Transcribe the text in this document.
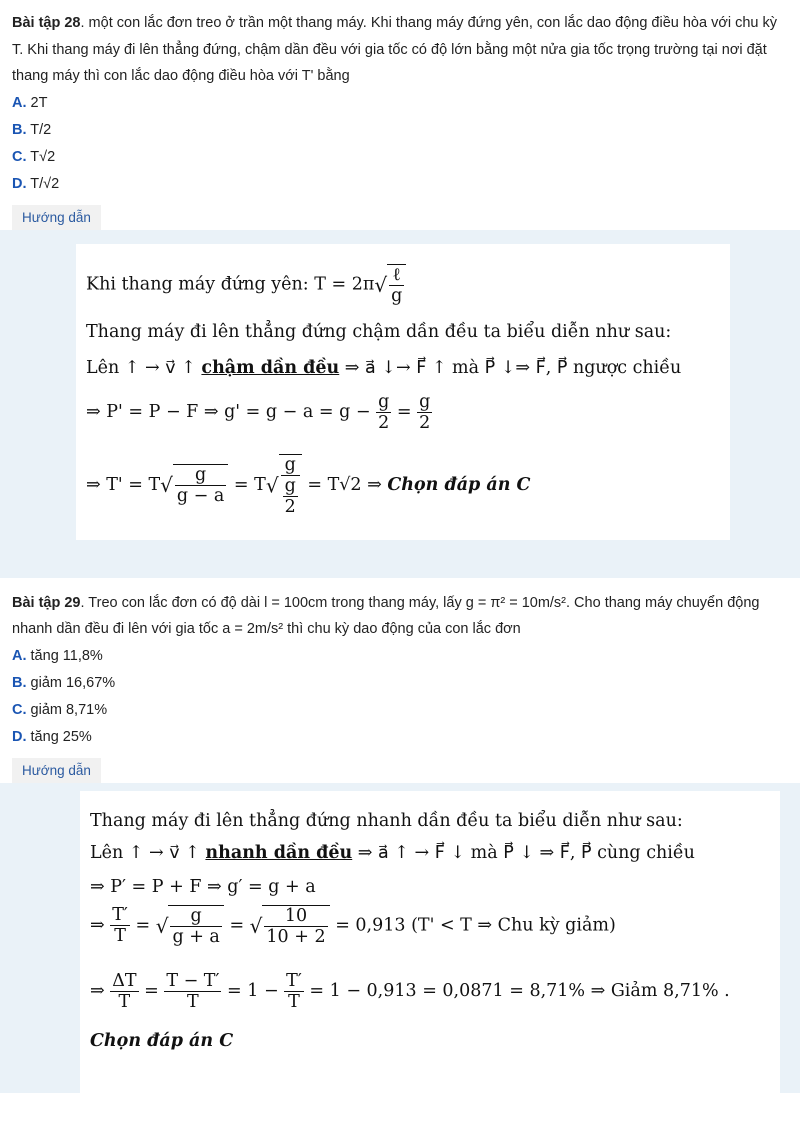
Bài tập 28. một con lắc đơn treo ở trần một thang máy. Khi thang máy đứng yên, con lắc dao động điều hòa với chu kỳ T. Khi thang máy đi lên thẳng đứng, chậm dần đều với gia tốc có độ lớn bằng một nửa gia tốc trọng trường tại nơi đặt thang máy thì con lắc dao động điều hòa với T' bằng

A. 2T
B. T/2
C. T√2
D. T/√2
Hướng dẫn
Khi thang máy đứng yên: $T = 2\pi√ \frac{\text{ℓ}}{g}$
Thang máy đi lên thẳng đứng chậm dần đều ta biểu diễn như sau:
Lên ↑ → v⃗ ↑ chậm dần đều ⇒ a⃗ ↓→ F⃗ ↑ mà P⃗ ↓⇒ F⃗, P⃗ ngược chiều
⇒ P' = P − F ⇒ $g' = g - a = g - \frac{g}{2} = \frac{g}{2}$
⇒ $T' = T√ \frac{g}{g - a} = T√ \frac{g}{\frac{g}{2}} = T√2$ ⇒ Chọn đáp án C

Bài tập 29. Treo con lắc đơn có độ dài l = 100cm trong thang máy, lấy g = π² = 10m/s². Cho thang máy chuyển động nhanh dần đều đi lên với gia tốc a = 2m/s² thì chu kỳ dao động của con lắc đơn

A. tăng 11,8%
B. giảm 16,67%
C. giảm 8,71%
D. tăng 25%
Hướng dẫn
Thang máy đi lên thẳng đứng nhanh dần đều ta biểu diễn như sau:
Lên ↑ → v⃗ ↑ nhanh dần đều ⇒ a⃗ ↑ → F⃗ ↓ mà P⃗ ↓ ⇒ F⃗, P⃗ cùng chiều
⇒ P′ = P + F ⇒ g′ = g + a
⇒ $\frac{T'}{T}$ = √ $\frac{g}{g + a}$ = √ $\frac{10}{10 + 2} = 0,913$ (T' < T ⇒ Chu kỳ giảm)
⇒ $\frac{\Delta T}{T} = \frac{T - T'}{T} = 1 - \frac{T'}{T} = 1 - 0,913 = 0,0871 = 8,71\%$ ⇒ Giảm 8,71% .
Chọn đáp án C
